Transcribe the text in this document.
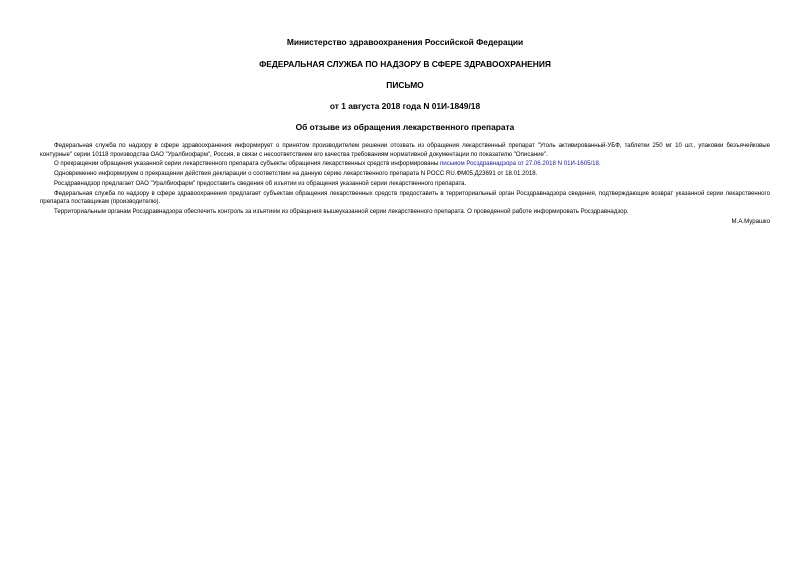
Министерство здравоохранения Российской Федерации

ФЕДЕРАЛЬНАЯ СЛУЖБА ПО НАДЗОРУ В СФЕРЕ ЗДРАВООХРАНЕНИЯ

ПИСЬМО

от 1 августа 2018 года N 01И-1849/18

Об отзыве из обращения лекарственного препарата

Федеральная служба по надзору в сфере здравоохранения информирует о принятом производителем решении отозвать из обращения лекарственный препарат "Уголь активированный-УБФ, таблетки 250 мг 10 шт., упаковки безъячейковые контурные" серии 10118 производства ОАО "Уралбиофарм", Россия, в связи с несоответствием его качества требованиям нормативной документации по показателю "Описание".

О прекращении обращения указанной серии лекарственного препарата субъекты обращения лекарственных средств информированы письмом Росздравнадзора от 27.06.2018 N 01И-1605/18.

Одновременно информируем о прекращении действия декларации о соответствии на данную серию лекарственного препарата N РОСС RU.ФМ05.Д23691 от 18.01.2018.

Росздравнадзор предлагает ОАО "Уралбиофарм" предоставить сведения об изъятии из обращения указанной серии лекарственного препарата.

Федеральная служба по надзору в сфере здравоохранения предлагает субъектам обращения лекарственных средств предоставить в территориальный орган Росздравнадзора сведения, подтверждающие возврат указанной серии лекарственного препарата поставщикам (производителю).

Территориальным органам Росздравнадзора обеспечить контроль за изъятием из обращения вышеуказанной серии лекарственного препарата. О проведенной работе информировать Росздравнадзор.

М.А.Мурашко
